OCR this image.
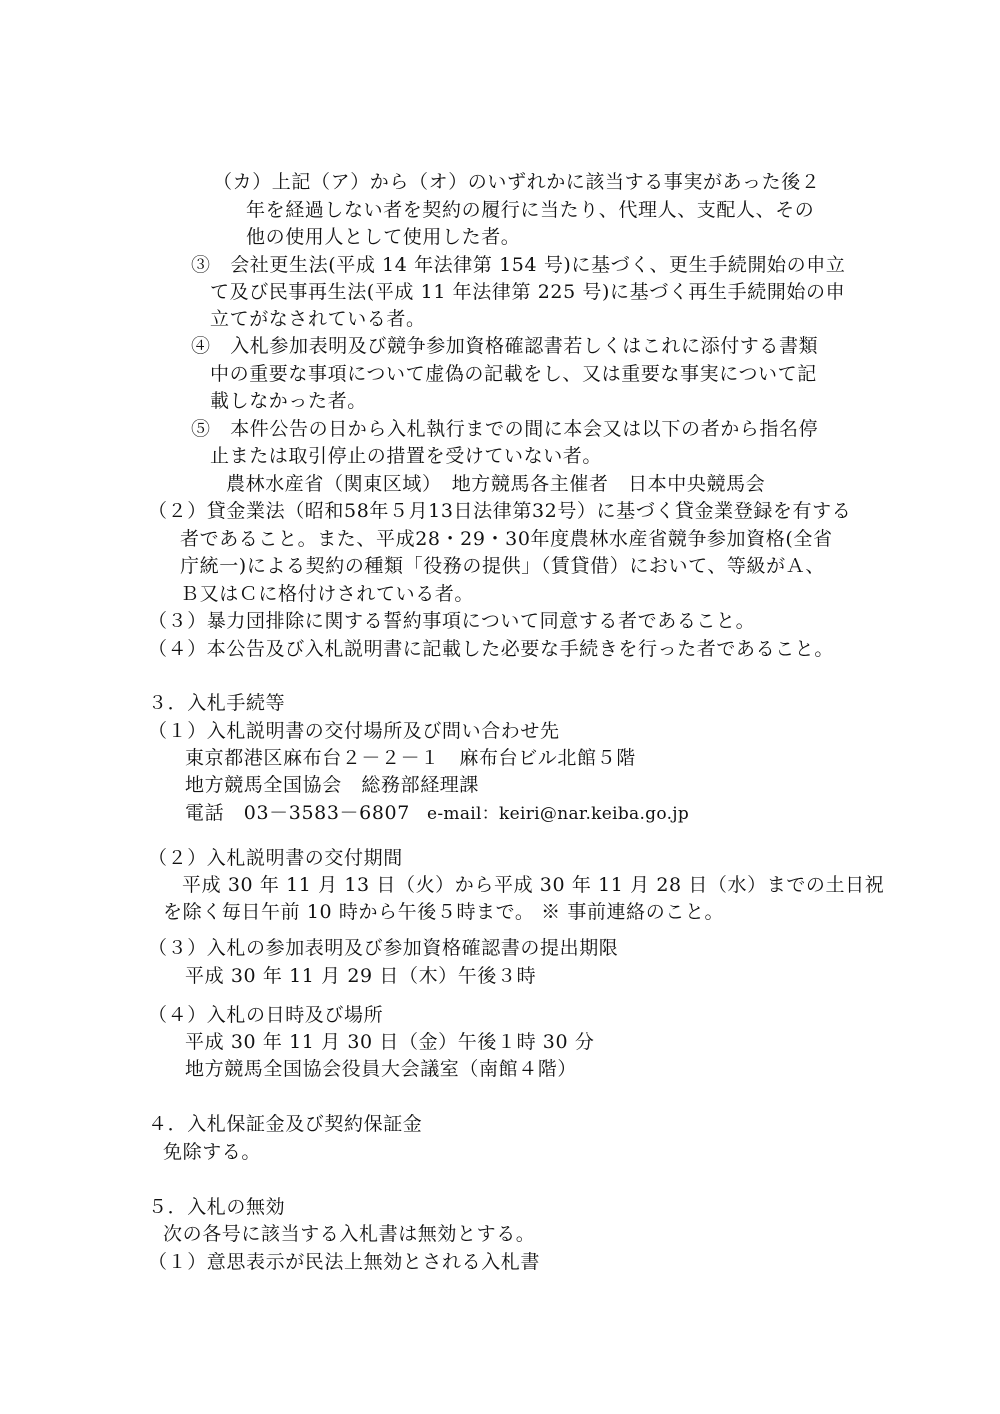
（カ）上記（ア）から（オ）のいずれかに該当する事実があった後２

年を経過しない者を契約の履行に当たり、代理人、支配人、その

他の使用人として使用した者。

③　会社更生法(平成 14 年法律第 154 号)に基づく、更生手続開始の申立

て及び民事再生法(平成 11 年法律第 225 号)に基づく再生手続開始の申

立てがなされている者。

④　入札参加表明及び競争参加資格確認書若しくはこれに添付する書類

中の重要な事項について虚偽の記載をし、又は重要な事実について記

載しなかった者。

⑤　本件公告の日から入札執行までの間に本会又は以下の者から指名停

止または取引停止の措置を受けていない者。

農林水産省（関東区域）　地方競馬各主催者　日本中央競馬会

（２）貸金業法（昭和58年５月13日法律第32号）に基づく貸金業登録を有する

者であること。また、平成28・29・30年度農林水産省競争参加資格(全省

庁統一)による契約の種類「役務の提供」（賃貸借）において、等級がＡ、

Ｂ又はＣに格付けされている者。

（３）暴力団排除に関する誓約事項について同意する者であること。

（４）本公告及び入札説明書に記載した必要な手続きを行った者であること。

３．入札手続等

（１）入札説明書の交付場所及び問い合わせ先

東京都港区麻布台２－２－１　麻布台ビル北館５階

地方競馬全国協会　総務部経理課

電話　03－3583－6807 e-mail：keiri@nar.keiba.go.jp

（２）入札説明書の交付期間

平成 30 年 11 月 13 日（火）から平成 30 年 11 月 28 日（水）までの土日祝

を除く毎日午前 10 時から午後５時まで。 ※ 事前連絡のこと。

（３）入札の参加表明及び参加資格確認書の提出期限

平成 30 年 11 月 29 日（木）午後３時

（４）入札の日時及び場所

平成 30 年 11 月 30 日（金）午後１時 30 分

地方競馬全国協会役員大会議室（南館４階）

４．入札保証金及び契約保証金

免除する。

５．入札の無効

次の各号に該当する入札書は無効とする。

（１）意思表示が民法上無効とされる入札書
